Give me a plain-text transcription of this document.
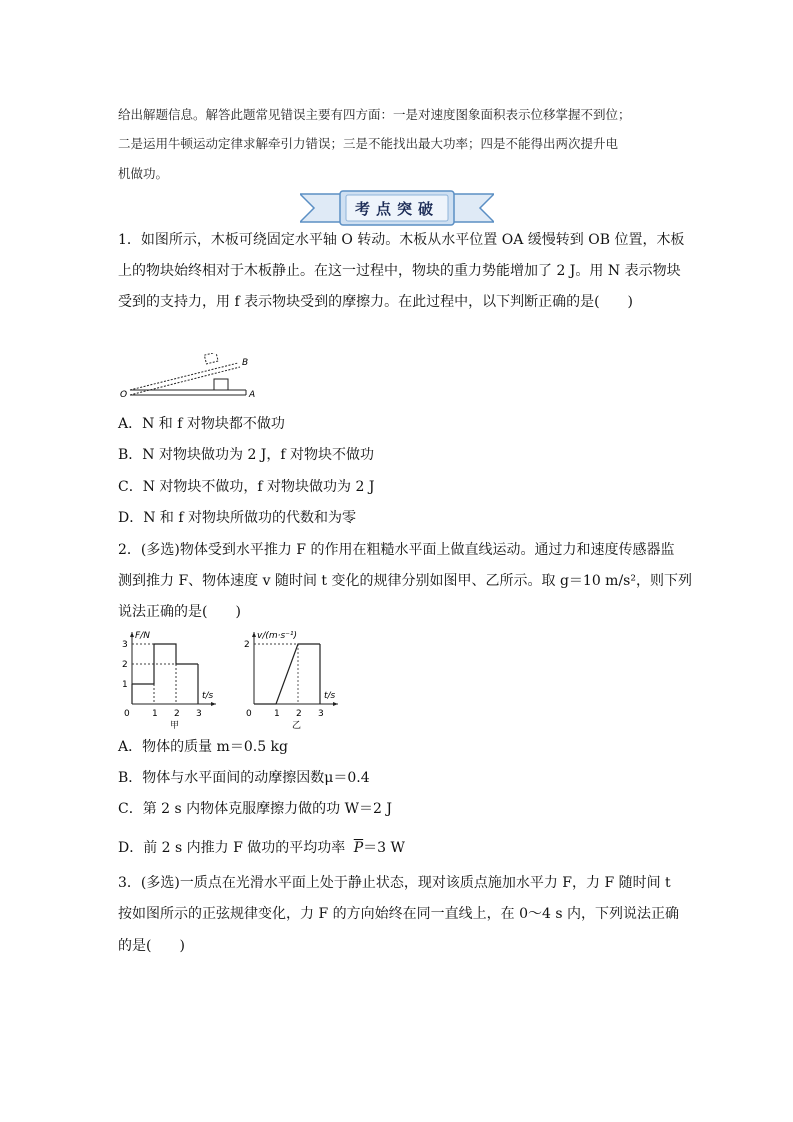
给出解题信息。解答此题常见错误主要有四方面：一是对速度图象面积表示位移掌握不到位；
二是运用牛顿运动定律求解牵引力错误；三是不能找出最大功率；四是不能得出两次提升电
机做功。
考点突破
1．如图所示，木板可绕固定水平轴 O 转动。木板从水平位置 OA 缓慢转到 OB 位置，木板
上的物块始终相对于木板静止。在这一过程中，物块的重力势能增加了 2 J。用 N 表示物块
受到的支持力，用 f 表示物块受到的摩擦力。在此过程中，以下判断正确的是(　　)
O	A
B
A．N 和 f 对物块都不做功
B．N 对物块做功为 2 J，f 对物块不做功
C．N 对物块不做功，f 对物块做功为 2 J
D．N 和 f 对物块所做功的代数和为零
2．(多选)物体受到水平推力 F 的作用在粗糙水平面上做直线运动。通过力和速度传感器监
测到推力 F、物体速度 v 随时间 t 变化的规律分别如图甲、乙所示。取 g＝10 m/s²，则下列
说法正确的是(　　)
0 1 2 3
1
2
3
t/s
F/N
甲
0 1 2 3
2
t/s
v/(m·s⁻¹)
乙
A．物体的质量 m＝0.5 kg
B．物体与水平面间的动摩擦因数μ＝0.4
C．第 2 s 内物体克服摩擦力做的功 W＝2 J
D．前 2 s 内推力 F 做功的平均功率 $\overline{P}=3$ W
3．(多选)一质点在光滑水平面上处于静止状态，现对该质点施加水平力 F，力 F 随时间 t
按如图所示的正弦规律变化，力 F 的方向始终在同一直线上，在 0～4 s 内，下列说法正确
的是(　　)
